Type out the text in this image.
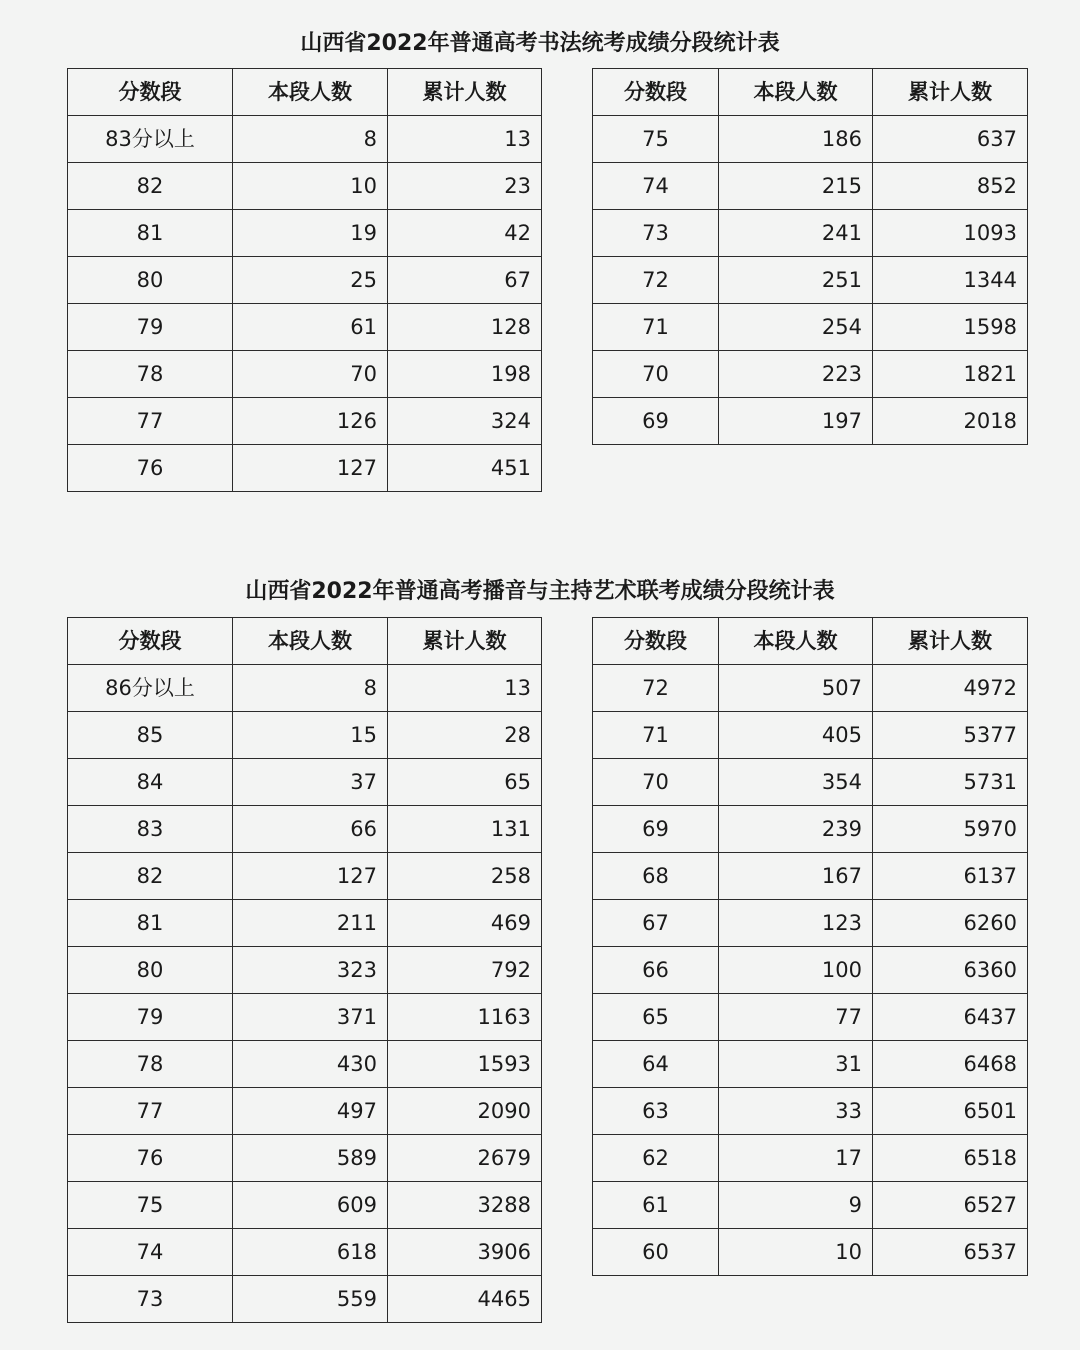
山西省2022年普通高考书法统考成绩分段统计表
分数段	本段人数	累计人数
83分以上	8	13
82	10	23
81	19	42
80	25	67
79	61	128
78	70	198
77	126	324
76	127	451
分数段	本段人数	累计人数
75	186	637
74	215	852
73	241	1093
72	251	1344
71	254	1598
70	223	1821
69	197	2018
山西省2022年普通高考播音与主持艺术联考成绩分段统计表
分数段	本段人数	累计人数
86分以上	8	13
85	15	28
84	37	65
83	66	131
82	127	258
81	211	469
80	323	792
79	371	1163
78	430	1593
77	497	2090
76	589	2679
75	609	3288
74	618	3906
73	559	4465
分数段	本段人数	累计人数
72	507	4972
71	405	5377
70	354	5731
69	239	5970
68	167	6137
67	123	6260
66	100	6360
65	77	6437
64	31	6468
63	33	6501
62	17	6518
61	9	6527
60	10	6537
